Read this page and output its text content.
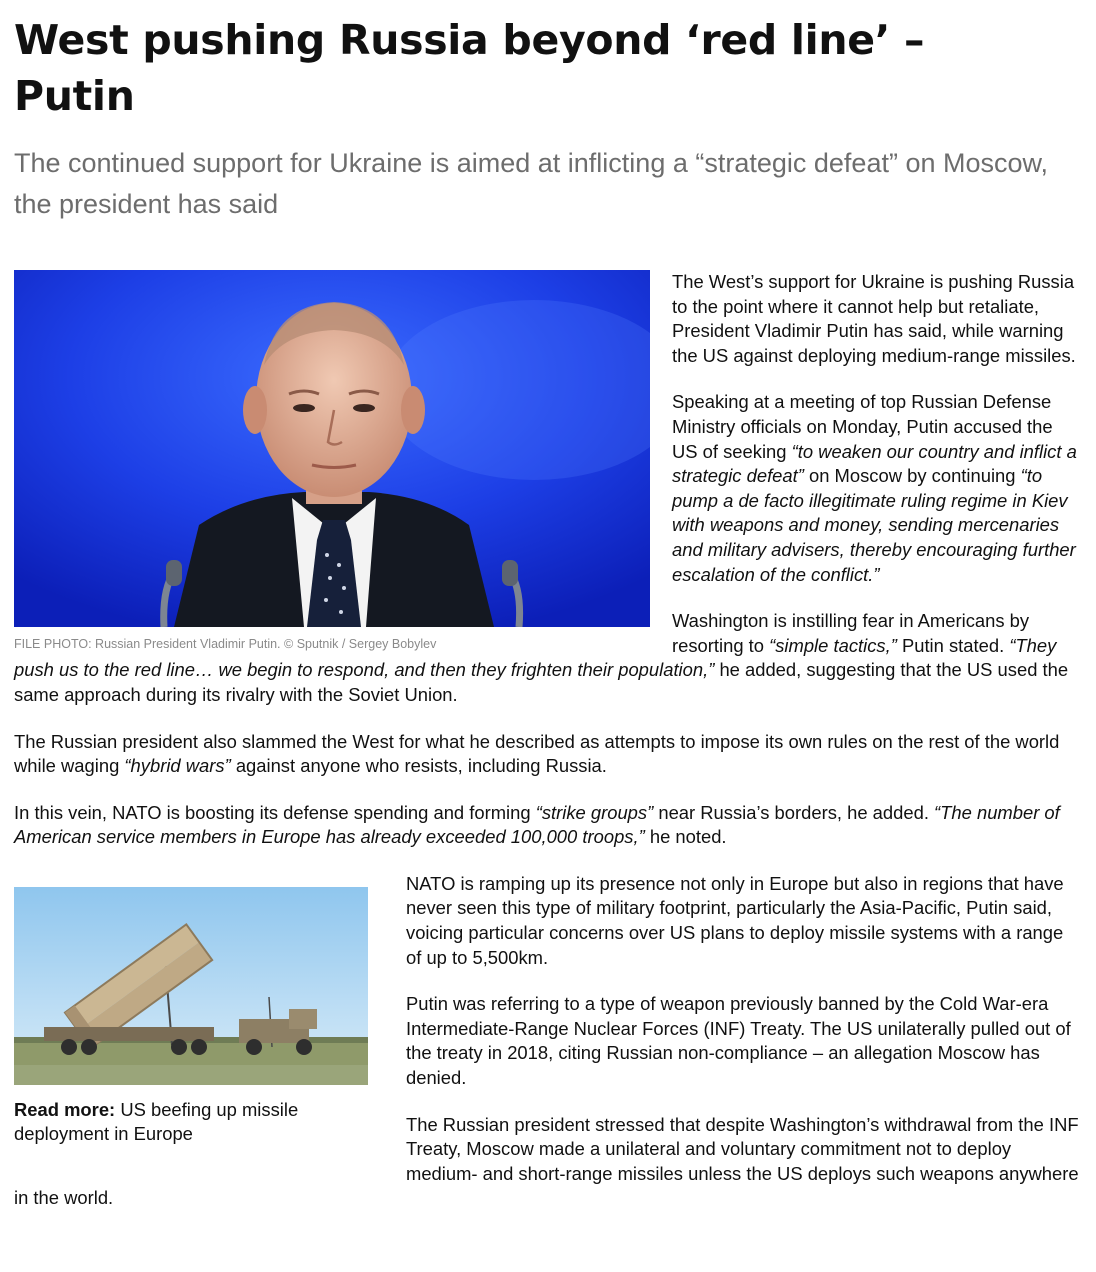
West pushing Russia beyond ‘red line’ – Putin
The continued support for Ukraine is aimed at inflicting a “strategic defeat” on Moscow, the president has said
FILE PHOTO: Russian President Vladimir Putin. © Sputnik / Sergey Bobylev

The West’s support for Ukraine is pushing Russia to the point where it cannot help but retaliate, President Vladimir Putin has said, while warning the US against deploying medium-range missiles.

Speaking at a meeting of top Russian Defense Ministry officials on Monday, Putin accused the US of seeking “to weaken our country and inflict a strategic defeat” on Moscow by continuing “to pump a de facto illegitimate ruling regime in Kiev with weapons and money, sending mercenaries and military advisers, thereby encouraging further escalation of the conflict.”

Washington is instilling fear in Americans by resorting to “simple tactics,” Putin stated. “They push us to the red line… we begin to respond, and then they frighten their population,” he added, suggesting that the US used the same approach during its rivalry with the Soviet Union.

The Russian president also slammed the West for what he described as attempts to impose its own rules on the rest of the world while waging “hybrid wars” against anyone who resists, including Russia.

In this vein, NATO is boosting its defense spending and forming “strike groups” near Russia’s borders, he added. “The number of American service members in Europe has already exceeded 100,000 troops,” he noted.

Read more: US beefing up missile deployment in Europe

NATO is ramping up its presence not only in Europe but also in regions that have never seen this type of military footprint, particularly the Asia-Pacific, Putin said, voicing particular concerns over US plans to deploy missile systems with a range of up to 5,500km.

Putin was referring to a type of weapon previously banned by the Cold War-era Intermediate-Range Nuclear Forces (INF) Treaty. The US unilaterally pulled out of the treaty in 2018, citing Russian non-compliance – an allegation Moscow has denied.

The Russian president stressed that despite Washington’s withdrawal from the INF Treaty, Moscow made a unilateral and voluntary commitment not to deploy medium- and short-range missiles unless the US deploys such weapons anywhere in the world.
